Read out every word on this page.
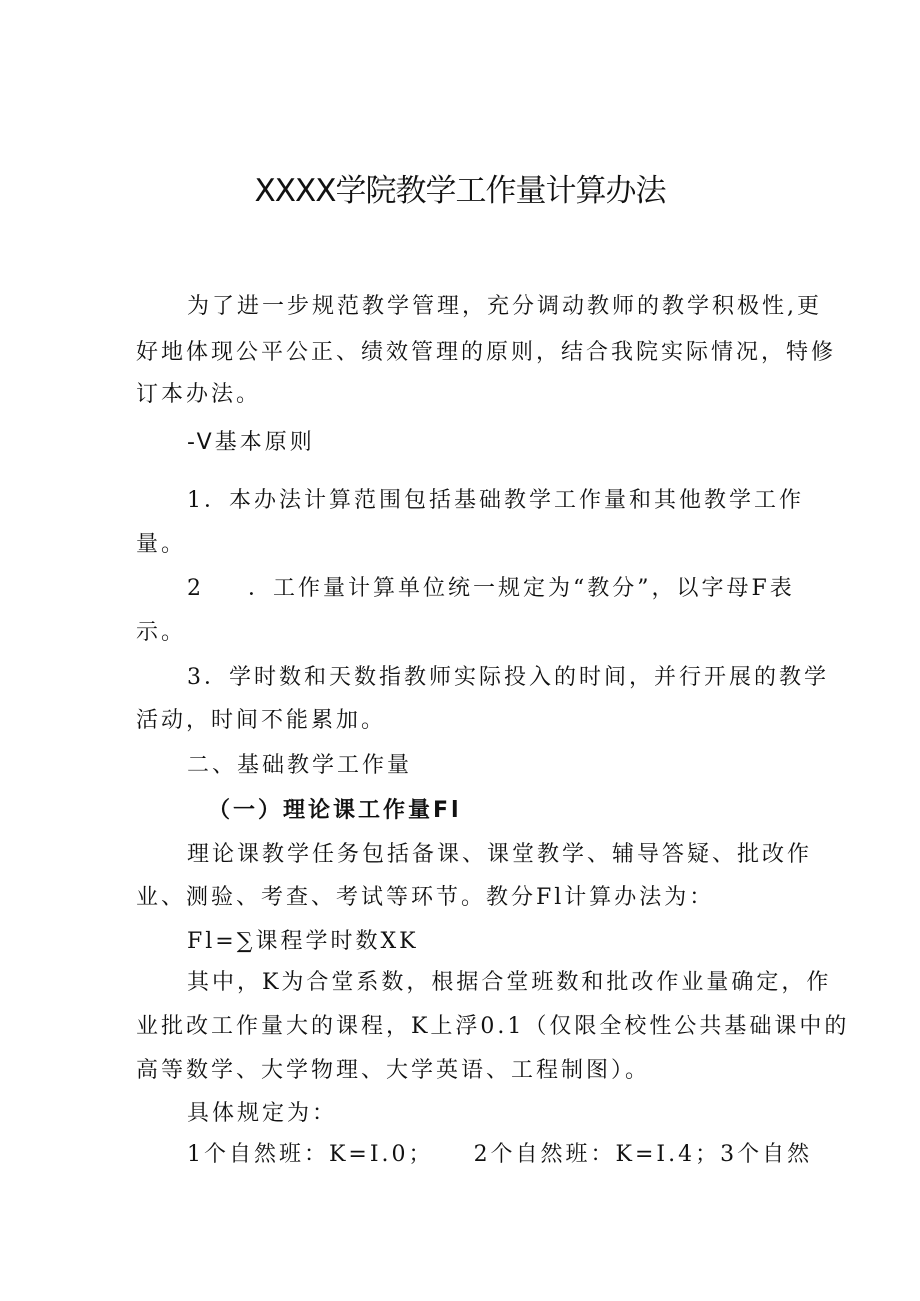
XXXX学院教学工作量计算办法
为了进一步规范教学管理，充分调动教师的教学积极性,更
好地体现公平公正、绩效管理的原则，结合我院实际情况，特修
订本办法。
-V基本原则
1．本办法计算范围包括基础教学工作量和其他教学工作
量。
2 ．工作量计算单位统一规定为“教分”，以字母F表
示。
3．学时数和天数指教师实际投入的时间，并行开展的教学
活动，时间不能累加。
二、基础教学工作量
（一）理论课工作量Fl
理论课教学任务包括备课、课堂教学、辅导答疑、批改作
业、测验、考查、考试等环节。教分Fl计算办法为：
Fl=∑课程学时数XK
其中，K为合堂系数，根据合堂班数和批改作业量确定，作
业批改工作量大的课程，K上浮0.1（仅限全校性公共基础课中的
高等数学、大学物理、大学英语、工程制图）。
具体规定为：
1个自然班：K=I.0； 2个自然班：K=I.4；3个自然
